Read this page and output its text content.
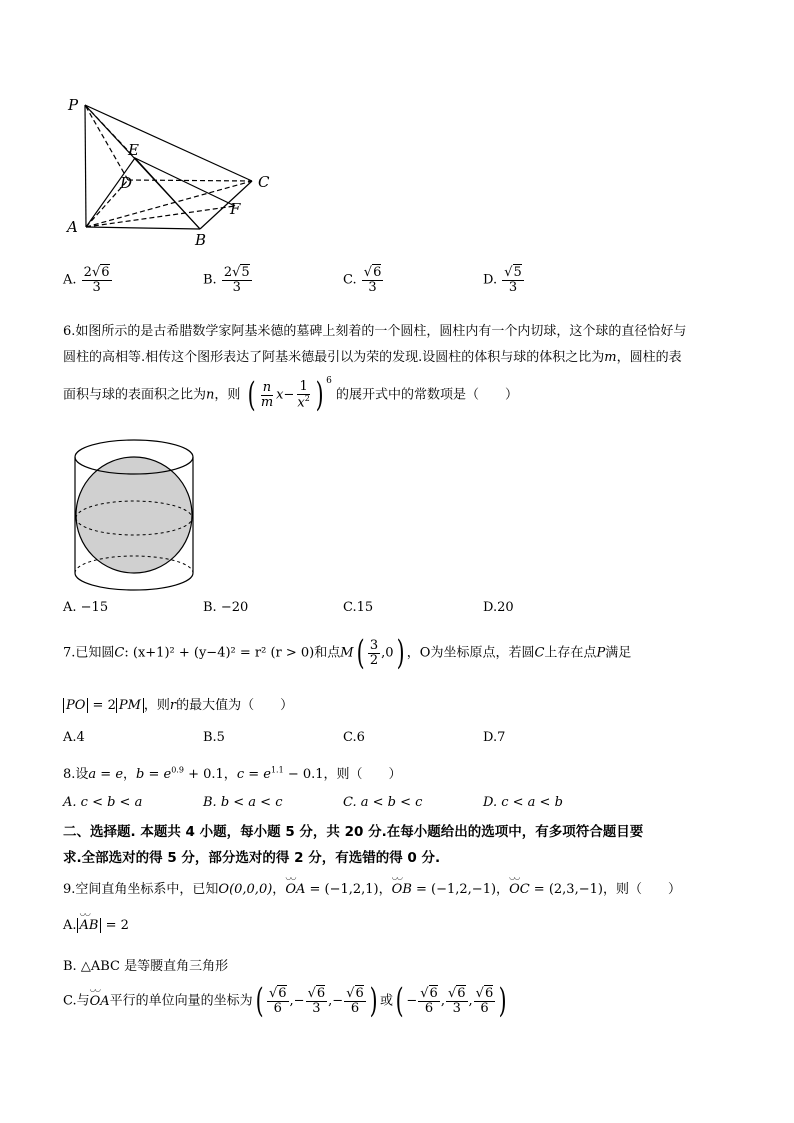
P
E
D	C
F
A
B
A. $\frac{2√6}{3}$	B. $\frac{2√5}{3}$	C. $\frac{√6}{3}$	D. $\frac{√5}{3}$
6.如图所示的是古希腊数学家阿基米德的墓碑上刻着的一个圆柱，圆柱内有一个内切球，这个球的直径恰好与
圆柱的高相等.相传这个图形表达了阿基米德最引以为荣的发现.设圆柱的体积与球的体积之比为m，圆柱的表
面积与球的表面积之比为n，则 ( $\frac{n}{m} x- \frac{1}{x^2}$ ) $^6$ 的展开式中的常数项是（　　）
A. −15	B. −20	C.15	D.20
7.已知圆C: (x+1)² + (y−4)² = r² (r > 0)和点$M( \frac{3}{2} ,0)$ ，O为坐标原点，若圆C上存在点P满足
PO = 2 PM ，则r的最大值为（　　）
A.4	B.5	C.6	D.7
8.设a = e，$b = e^{0.9} + 0.1$，$c = e^{1.1} - 0.1$，则（　　）
A. c < b < a	B. b < a < c	C. a < b < c	D. c < a < b
二、选择题. 本题共 4 小题，每小题 5 分，共 20 分.在每小题给出的选项中，有多项符合题目要
求.全部选对的得 5 分，部分选对的得 2 分，有选错的得 0 分.
9.空间直角坐标系中，已知O(0,0,0)，◡◡ OA = (−1,2,1)，◡◡ OB = (−1,2,−1)，◡◡ OC = (2,3,−1)，则（　　）
A.◡◡ AB = 2
B. △ABC 是等腰直角三角形
C.与◡◡ OA平行的单位向量的坐标为( $\frac{√6}{6}$ ,− $\frac{√6}{3}$ ,− $\frac{√6}{6}$ ) 或( − $\frac{√6}{6}$ , $\frac{√6}{3}$ , $\frac{√6}{6}$ )
